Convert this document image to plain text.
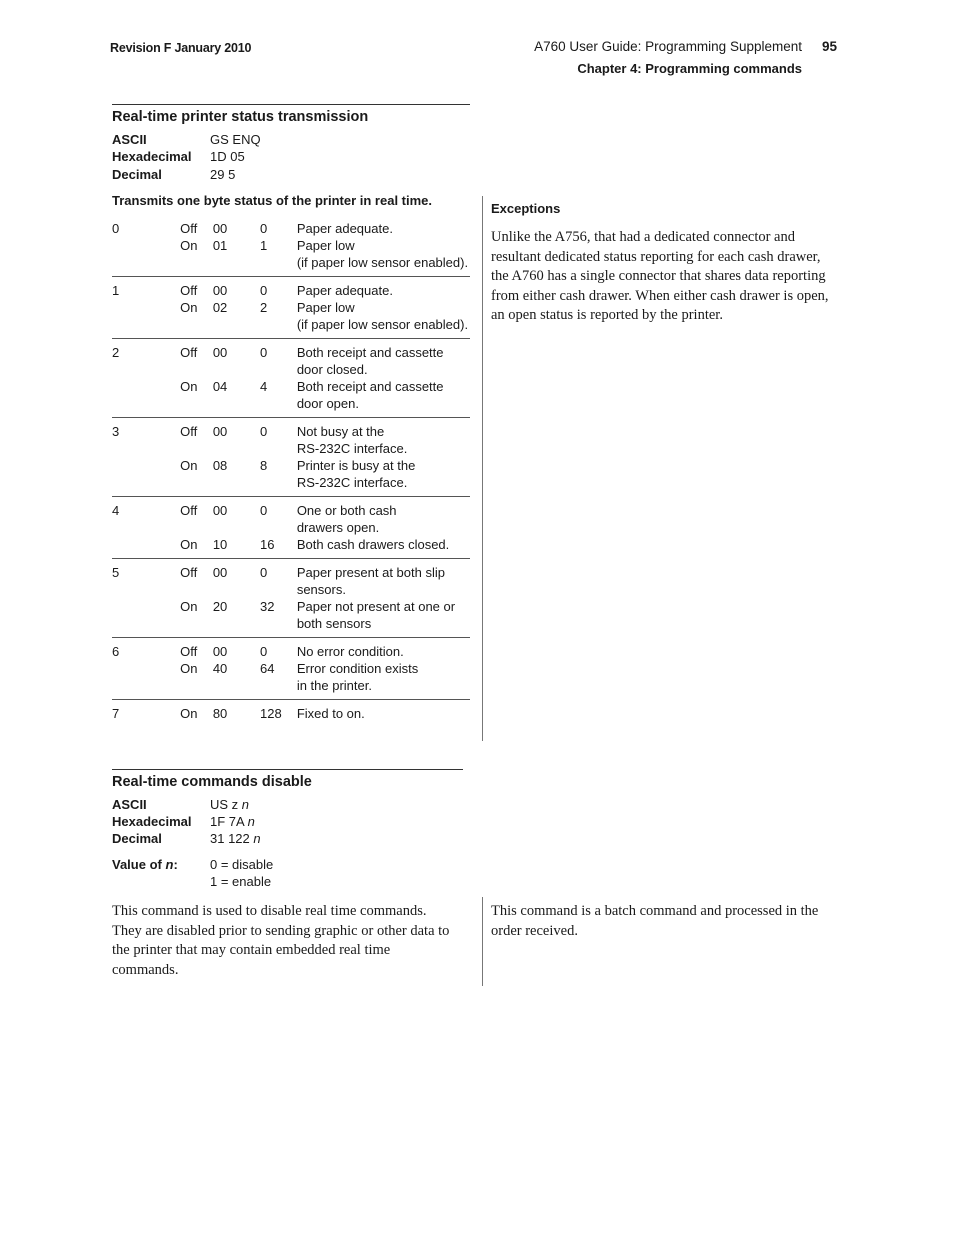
Revision F January 2010	A760 User Guide: Programming Supplement 95
Chapter 4: Programming commands
Real-time printer status transmission
ASCII	GS ENQ
Hexadecimal 1D 05
Decimal	29 5
Transmits one byte status of the printer in real time.
0	Off	00	0	Paper adequate.
	On	01	1	Paper low
(if paper low sensor enabled).
1	Off	00	0	Paper adequate.
	On	02	2	Paper low
(if paper low sensor enabled).
2	Off	00	0	Both receipt and cassette
door closed.
	On	04	4	Both receipt and cassette
door open.
3	Off	00	0	Not busy at the
RS-232C interface.
	On	08	8	Printer is busy at the
RS-232C interface.
4	Off	00	0	One or both cash
drawers open.
	On	10	16	Both cash drawers closed.
5	Off	00	0	Paper present at both slip
sensors.
	On	20	32	Paper not present at one or
both sensors
6	Off	00	0	No error condition.
	On	40	64	Error condition exists
in the printer.
7	On	80	128	Fixed to on.
Exceptions
Unlike the A756, that had a dedicated connector and resultant dedicated status reporting for each cash drawer, the A760 has a single connector that shares data reporting from either cash drawer. When either cash drawer is open, an open status is reported by the printer.
Real-time commands disable
ASCII	US z n
Hexadecimal 1F 7A n
Decimal	31 122 n
Value of n: 0 = disable
1 = enable
This command is used to disable real time commands. They are disabled prior to sending graphic or other data to the printer that may contain embedded real time commands.
This command is a batch command and processed in the order received.
